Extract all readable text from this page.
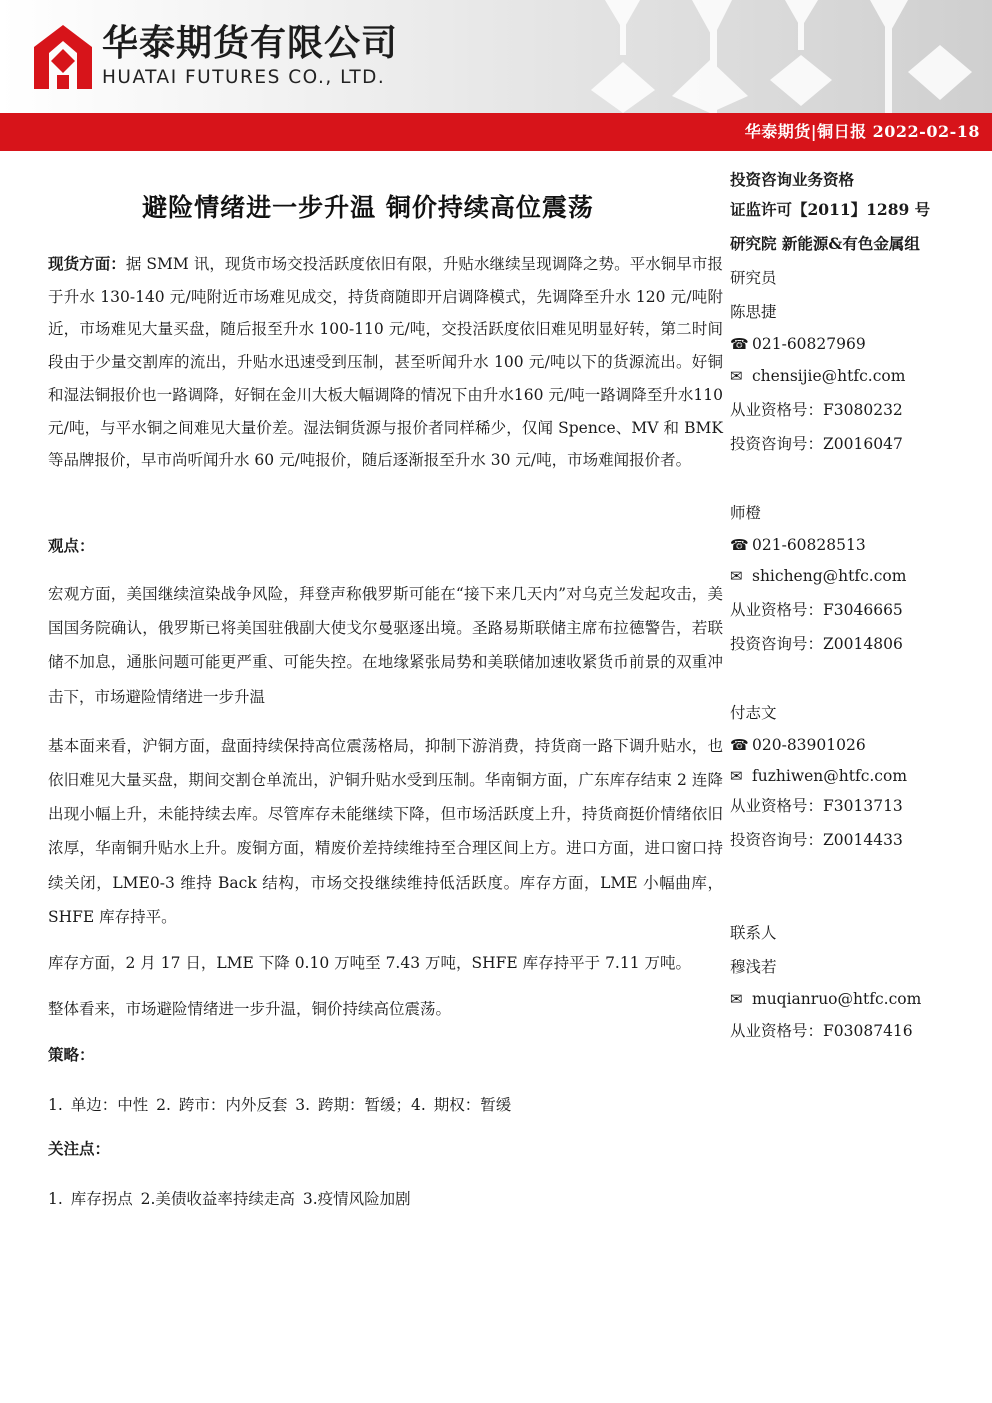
华泰期货有限公司
HUATAI FUTURES CO., LTD.
华泰期货|铜日报 2022-02-18
避险情绪进一步升温 铜价持续高位震荡

现货方面：据 SMM 讯，现货市场交投活跃度依旧有限，升贴水继续呈现调降之势。平水铜早市报于升水 130-140 元/吨附近市场难见成交，持货商随即开启调降模式，先调降至升水 120 元/吨附近，市场难见大量买盘，随后报至升水 100-110 元/吨，交投活跃度依旧难见明显好转，第二时间段由于少量交割库的流出，升贴水迅速受到压制，甚至听闻升水 100 元/吨以下的货源流出。好铜和湿法铜报价也一路调降，好铜在金川大板大幅调降的情况下由升水160 元/吨一路调降至升水110 元/吨，与平水铜之间难见大量价差。湿法铜货源与报价者同样稀少，仅闻 Spence、MV 和 BMK 等品牌报价，早市尚听闻升水 60 元/吨报价，随后逐渐报至升水 30 元/吨，市场难闻报价者。

观点：

宏观方面，美国继续渲染战争风险，拜登声称俄罗斯可能在“接下来几天内”对乌克兰发起攻击，美国国务院确认，俄罗斯已将美国驻俄副大使戈尔曼驱逐出境。圣路易斯联储主席布拉德警告，若联储不加息，通胀问题可能更严重、可能失控。在地缘紧张局势和美联储加速收紧货币前景的双重冲击下，市场避险情绪进一步升温

基本面来看，沪铜方面，盘面持续保持高位震荡格局，抑制下游消费，持货商一路下调升贴水，也依旧难见大量买盘，期间交割仓单流出，沪铜升贴水受到压制。华南铜方面，广东库存结束 2 连降出现小幅上升，未能持续去库。尽管库存未能继续下降，但市场活跃度上升，持货商挺价情绪依旧浓厚，华南铜升贴水上升。废铜方面，精废价差持续维持至合理区间上方。进口方面，进口窗口持续关闭，LME0-3 维持 Back 结构，市场交投继续维持低活跃度。库存方面，LME 小幅曲库，SHFE 库存持平。

库存方面，2 月 17 日，LME 下降 0.10 万吨至 7.43 万吨，SHFE 库存持平于 7.11 万吨。

整体看来，市场避险情绪进一步升温，铜价持续高位震荡。

策略：

1. 单边：中性 2. 跨市：内外反套 3. 跨期：暂缓；4. 期权：暂缓

关注点：

1. 库存拐点 2.美债收益率持续走高 3.疫情风险加剧

投资咨询业务资格
证监许可【2011】1289 号
研究院 新能源&有色金属组
研究员
陈思捷
☎ 021-60827969
✉ chensijie@htfc.com
从业资格号：F3080232
投资咨询号：Z0016047
师橙
☎ 021-60828513
✉ shicheng@htfc.com
从业资格号：F3046665
投资咨询号：Z0014806
付志文
☎ 020-83901026
✉ fuzhiwen@htfc.com
从业资格号：F3013713
投资咨询号：Z0014433
联系人
穆浅若
✉ muqianruo@htfc.com
从业资格号：F03087416
